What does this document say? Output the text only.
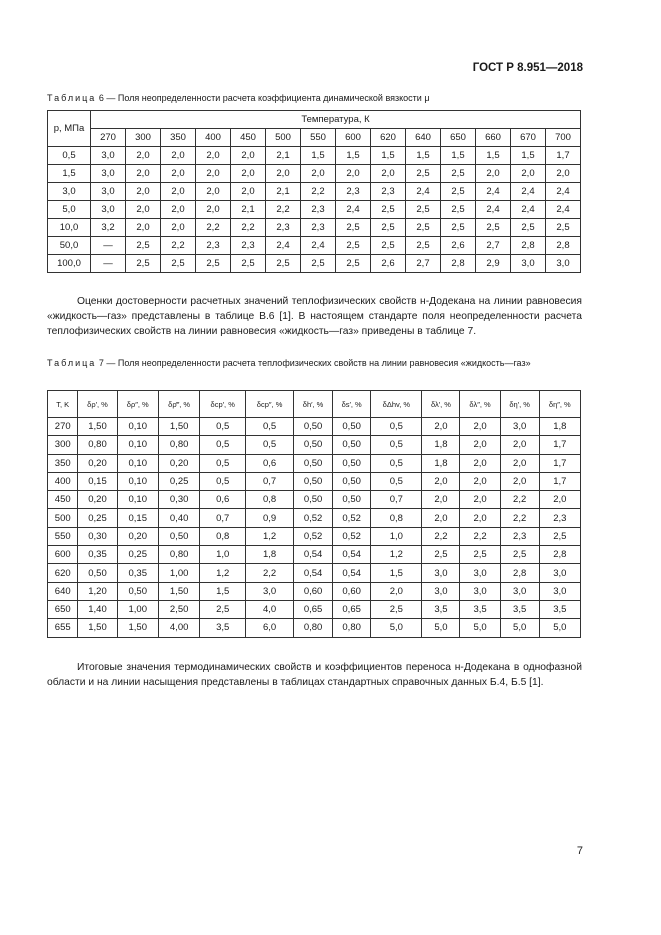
ГОСТ Р 8.951—2018
Таблица 6 — Поля неопределенности расчета коэффициента динамической вязкости μ
p, МПа	Температура, К													
	270	300	350	400	450	500	550	600	620	640	650	660	670	700
0,5	3,0	2,0	2,0	2,0	2,0	2,1	1,5	1,5	1,5	1,5	1,5	1,5	1,5	1,7
1,5	3,0	2,0	2,0	2,0	2,0	2,0	2,0	2,0	2,0	2,5	2,5	2,0	2,0	2,0
3,0	3,0	2,0	2,0	2,0	2,0	2,1	2,2	2,3	2,3	2,4	2,5	2,4	2,4	2,4
5,0	3,0	2,0	2,0	2,0	2,1	2,2	2,3	2,4	2,5	2,5	2,5	2,4	2,4	2,4
10,0	3,2	2,0	2,0	2,2	2,2	2,3	2,3	2,5	2,5	2,5	2,5	2,5	2,5	2,5
50,0	—	2,5	2,2	2,3	2,3	2,4	2,4	2,5	2,5	2,5	2,6	2,7	2,8	2,8
100,0	—	2,5	2,5	2,5	2,5	2,5	2,5	2,5	2,6	2,7	2,8	2,9	3,0	3,0
Оценки достоверности расчетных значений теплофизических свойств н-Додекана на линии равновесия «жидкость—газ» представлены в таблице В.6 [1]. В настоящем стандарте поля неопределенности расчета теплофизических свойств на линии равновесия «жидкость—газ» приведены в таблице 7.
Таблица 7 — Поля неопределенности расчета теплофизических свойств на линии равновесия «жидкость—газ»
T, K	δρ′, %	δρ″, %	δρ‴, %	δcp′, %	δcp″, %	δh′, %	δs′, %	δΔhv, %	δλ′, %	δλ″, %	δη′, %	δη″, %
270	1,50	0,10	1,50	0,5	0,5	0,50	0,50	0,5	2,0	2,0	3,0	1,8
300	0,80	0,10	0,80	0,5	0,5	0,50	0,50	0,5	1,8	2,0	2,0	1,7
350	0,20	0,10	0,20	0,5	0,6	0,50	0,50	0,5	1,8	2,0	2,0	1,7
400	0,15	0,10	0,25	0,5	0,7	0,50	0,50	0,5	2,0	2,0	2,0	1,7
450	0,20	0,10	0,30	0,6	0,8	0,50	0,50	0,7	2,0	2,0	2,2	2,0
500	0,25	0,15	0,40	0,7	0,9	0,52	0,52	0,8	2,0	2,0	2,2	2,3
550	0,30	0,20	0,50	0,8	1,2	0,52	0,52	1,0	2,2	2,2	2,3	2,5
600	0,35	0,25	0,80	1,0	1,8	0,54	0,54	1,2	2,5	2,5	2,5	2,8
620	0,50	0,35	1,00	1,2	2,2	0,54	0,54	1,5	3,0	3,0	2,8	3,0
640	1,20	0,50	1,50	1,5	3,0	0,60	0,60	2,0	3,0	3,0	3,0	3,0
650	1,40	1,00	2,50	2,5	4,0	0,65	0,65	2,5	3,5	3,5	3,5	3,5
655	1,50	1,50	4,00	3,5	6,0	0,80	0,80	5,0	5,0	5,0	5,0	5,0
Итоговые значения термодинамических свойств и коэффициентов переноса н-Додекана в однофазной области и на линии насыщения представлены в таблицах стандартных справочных данных Б.4, Б.5 [1].
7
